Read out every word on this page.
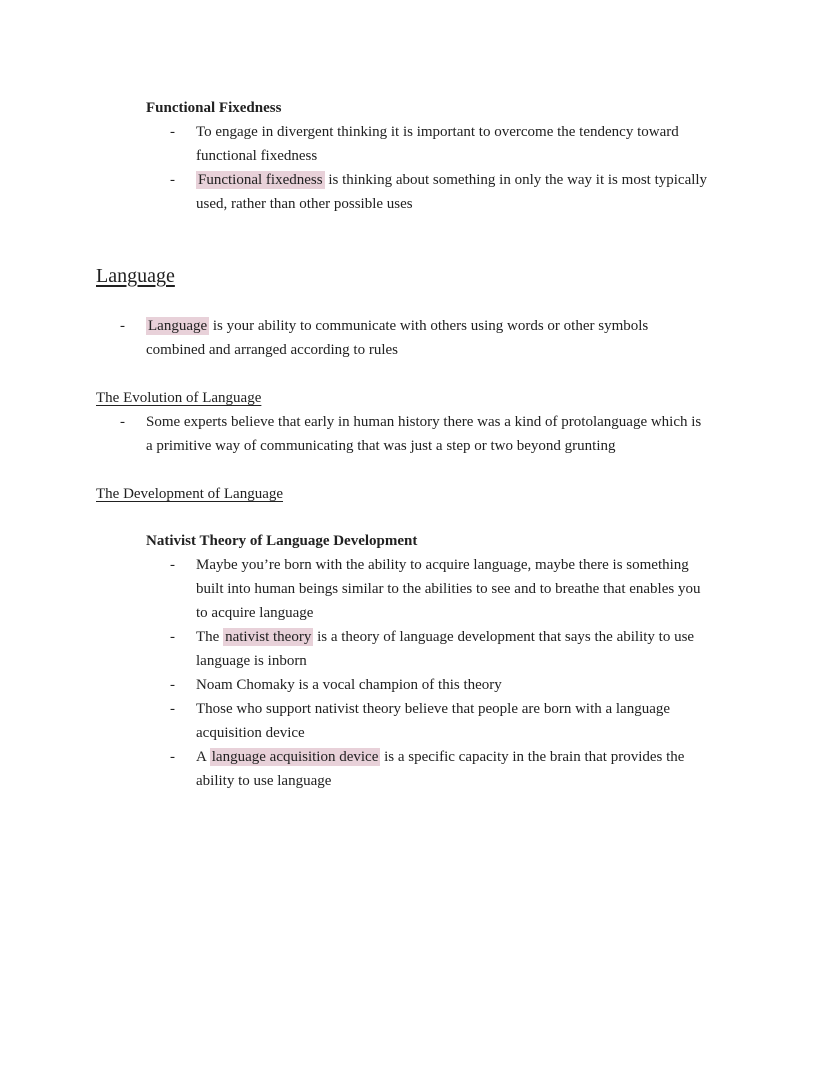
Functional Fixedness
-	To engage in divergent thinking it is important to overcome the tendency toward functional fixedness

-	Functional fixedness is thinking about something in only the way it is most typically used, rather than other possible uses

Language
-	Language is your ability to communicate with others using words or other symbols combined and arranged according to rules

The Evolution of Language
-	Some experts believe that early in human history there was a kind of protolanguage which is a primitive way of communicating that was just a step or two beyond grunting

The Development of Language
Nativist Theory of Language Development
-	Maybe you’re born with the ability to acquire language, maybe there is something built into human beings similar to the abilities to see and to breathe that enables you to acquire language

-	The nativist theory is a theory of language development that says the ability to use language is inborn

-	Noam Chomaky is a vocal champion of this theory

-	Those who support nativist theory believe that people are born with a language acquisition device

-	A language acquisition device is a specific capacity in the brain that provides the ability to use language
